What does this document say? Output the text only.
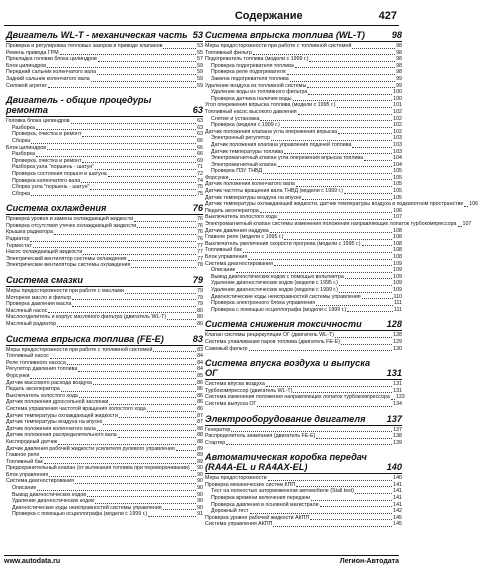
Содержание	427
Двигатель WL-T - механическая часть 53
Проверка и регулировка тепловых зазоров в приводе клапанов	53
Ремень привода ГРМ	55
Прокладка головки блока цилиндров	57
Блок цилиндров	59
Передний сальник коленчатого вала	59
Задний сальник коленчатого вала	59
Силовой агрегат	59
Двигатель - общие процедуры ремонта	63
Головка блока цилиндров	63
Разборка	63
Проверка, очистка и ремонт	63
Сборка	66
Блок цилиндров	66
Разборка	66
Проверка, очистка и ремонт	69
Разборка узла "поршень - шатун"	71
Проверка состояния поршня и шатуна	72
Проверка коленчатого вала	74
Сборка узла "поршень - шатун"	75
Сборка	75
Система охлаждения	76
Проверка уровня и замена охлаждающей жидкости	76
Проверка отсутствия утечек охлаждающей жидкости	76
Крышка радиатора	76
Радиатор	76
Термостат	77
Насос охлаждающей жидкости	77
Электрический вентилятор системы охлаждения	77
Электрические вентиляторы системы охлаждения	78
Система смазки	79
Меры предосторожности при работе с маслами	79
Моторное масло и фильтр	79
Проверка давления масла	79
Масляный насос	80
Маслоотделитель и корпус масляного фильтра (двигатель WL-T)	80
Масляный радиатор	80
Система впрыска топлива (FE-E)	83
Меры предосторожности при работе с топливной системой	83
Топливный насос	84
Реле топливного насоса	84
Регулятор давления топлива	84
Форсунки	85
Датчик массового расхода воздуха	86
Педаль акселератора	86
Выключатель холостого хода	86
Датчик положения дроссельной заслонки	86
Система управления частотой вращения холостого хода	86
Датчик температуры охлаждающей жидкости	87
Датчик температуры воздуха на впуске	87
Датчик положения коленчатого вала	88
Датчик положения распределительного вала	88
Кислородный датчик	88
Датчик давления рабочей жидкости усилителя рулевого управления	89
Главное реле	89
Топливный бак	89
Предохранительный клапан (от вытекания топлива при переворачивании) 90
Блок управления	90
Система диагностирования	90
Описание	90
Вывод диагностических кодов	90
Удаление диагностических кодов	90
Диагностические коды неисправностей системы управления	90
Проверка с помощью осциллографа (модели с 1999 г.)	91
Система впрыска топлива (WL-T)	98
Меры предосторожности при работе с топливной системой	98
Топливный фильтр	98
Подогреватель топлива (модели с 1999 г.)	98
Проверка подогревателя топлива	98
Проверка реле подогревателя	98
Замена подогревателя топлива	99
Удаление воздуха из топливной системы	99
Удаление воды из топливного фильтра	100
Проверка датчика наличия воды	100
Угол опережения впрыска топлива (модели с 1995 г.)	101
Топливный насос высокого давления	102
Снятие и установка	102
Проверка (модели с 1999 г.)	102
Датчик положения клапана угла опережения впрыска	102
Электронный регулятор	103
Датчик положения клапана управления подачей топлива	103
Датчик температуры топлива	103
Электромагнитный клапан угла опережения впрыска топлива	104
Электромагнитный клапан	104
Проверка ПЗУ ТНВД	105
Форсунки	105
Датчик положения коленчатого вала	105
Датчик частоты вращения вала ТНВД (модели с 1999 г.)	105
Датчик температуры воздуха на впуске	105
Датчик температуры охлаждающей жидкости, датчик температуры воздуха в подкапотном пространстве 106
Педаль акселератора	106
Выключатель холостого хода	107
Электромагнитный клапан системы изменения положения направляющих лопаток турбокомпрессора 107
Датчик давления наддува	108
Главное реле (модели с 1995 г.)	108
Выключатель увеличения скорости прогрева (модели с 1995 г.)	108
Топливный бак	108
Блок управления	108
Система диагностирования	109
Описание	109
Вывод диагностических кодов с помощью вольтметра	109
Удаление диагностических кодов (модели с 1995 г.)	109
Удаление диагностических кодов (модели с 1999 г.)	109
Диагностические коды неисправностей системы управления	110
Проверка электронного блока управления	111
Проверка с помощью осциллографа (модели с 1999 г.)	111
Система снижения токсичности	128
Клапан системы рециркуляции ОГ (двигатель WL-T)	128
Система улавливания паров топлива (двигатель FE-E)	129
Сажевый фильтр	130
Система впуска воздуха и выпуска ОГ	131
Система впуска воздуха	131
Турбокомпрессор (двигатель WL-T)	131
Система изменения положения направляющих лопаток турбокомпрессора 133
Система выпуска ОГ	134
Электрооборудование двигателя	137
Генератор	137
Распределитель зажигания (двигатель FE-E)	138
Стартер	139
Автоматическая коробка передач (RA4A-EL и RA4AX-EL)	140
Меры предосторожности	140
Проверка механических систем КПП	141
Тест на полностью заторможенном автомобиле (Stall test)	141
Проверка времени включения передачи	141
Проверка давления в основной магистрали	141
Дорожный тест	142
Проверка уровня рабочей жидкости АКПП	145
Система управления АКПП	145
www.autodata.ru	Легион-Автодата
